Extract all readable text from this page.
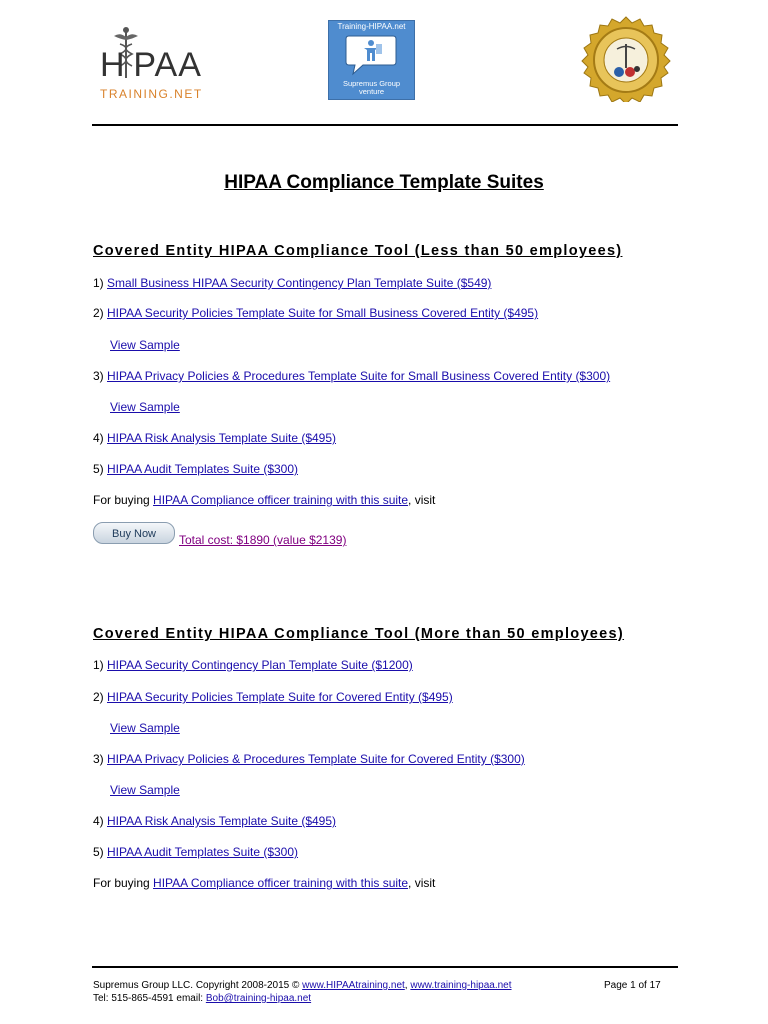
H PAA
TRAINING.NET
Training-HIPAA.net
Supremus Group
venture
HIPAA Compliance Template Suites
Covered Entity HIPAA Compliance Tool (Less than 50 employees)
1) Small Business HIPAA Security Contingency Plan Template Suite ($549)
2) HIPAA Security Policies Template Suite for Small Business Covered Entity ($495)
View Sample
3) HIPAA Privacy Policies & Procedures Template Suite for Small Business Covered Entity ($300)
View Sample
4) HIPAA Risk Analysis Template Suite ($495)
5) HIPAA Audit Templates Suite ($300)
For buying HIPAA Compliance officer training with this suite, visit
Buy Now	Total cost: $1890 (value $2139)
Covered Entity HIPAA Compliance Tool (More than 50 employees)
1) HIPAA Security Contingency Plan Template Suite ($1200)
2) HIPAA Security Policies Template Suite for Covered Entity ($495)
View Sample
3) HIPAA Privacy Policies & Procedures Template Suite for Covered Entity ($300)
View Sample
4) HIPAA Risk Analysis Template Suite ($495)
5) HIPAA Audit Templates Suite ($300)
For buying HIPAA Compliance officer training with this suite, visit
Supremus Group LLC. Copyright 2008-2015 © www.HIPAAtraining.net, www.training-hipaa.net
Tel: 515-865-4591 email: Bob@training-hipaa.net
Page 1 of 17
